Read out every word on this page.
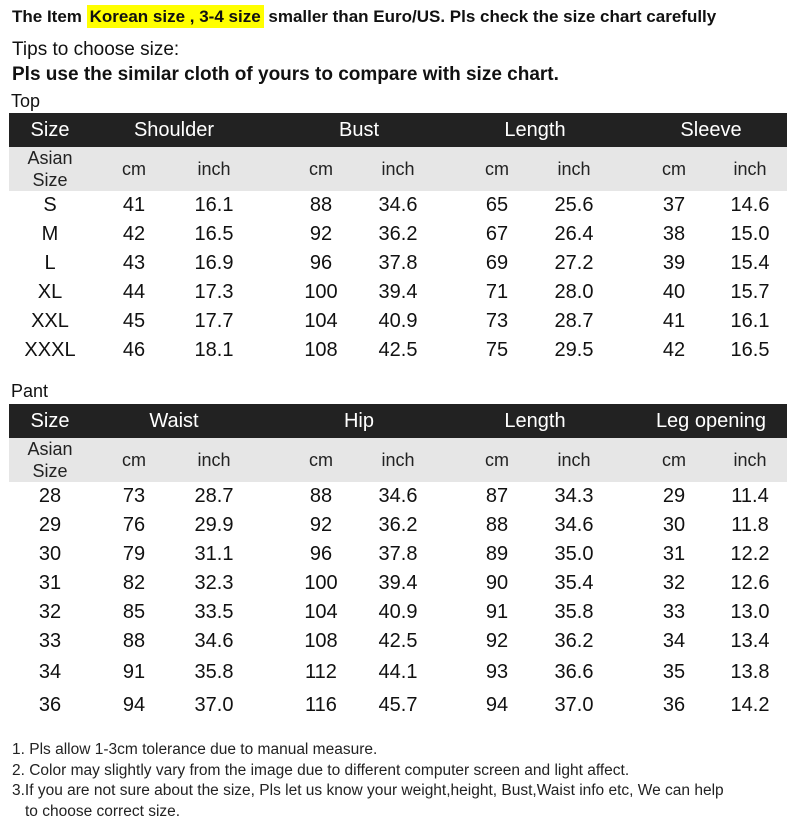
The Item Korean size , 3-4 size smaller than Euro/US. Pls check the size chart carefully
Tips to choose size:
Pls use the similar cloth of yours to compare with size chart.
Top
Size	Shoulder	Bust	Length	Sleeve
Asian
Size
cm	inch	cm	inch	cm	inch	cm	inch
S	41	16.1	88	34.6	65	25.6	37	14.6
M	42	16.5	92	36.2	67	26.4	38	15.0
L	43	16.9	96	37.8	69	27.2	39	15.4
XL	44	17.3	100	39.4	71	28.0	40	15.7
XXL	45	17.7	104	40.9	73	28.7	41	16.1
XXXL	46	18.1	108	42.5	75	29.5	42	16.5
Pant
Size	Waist	Hip	Length	Leg opening
Asian
Size
cm	inch	cm	inch	cm	inch	cm	inch
28	73	28.7	88	34.6	87	34.3	29	11.4
29	76	29.9	92	36.2	88	34.6	30	11.8
30	79	31.1	96	37.8	89	35.0	31	12.2
31	82	32.3	100	39.4	90	35.4	32	12.6
32	85	33.5	104	40.9	91	35.8	33	13.0
33	88	34.6	108	42.5	92	36.2	34	13.4
34	91	35.8	112	44.1	93	36.6	35	13.8
36	94	37.0	116	45.7	94	37.0	36	14.2
1. Pls allow 1-3cm tolerance due to manual measure.
2. Color may slightly vary from the image due to different computer screen and light affect.
3.If you are not sure about the size, Pls let us know your weight,height, Bust,Waist info etc, We can help
to choose correct size.
